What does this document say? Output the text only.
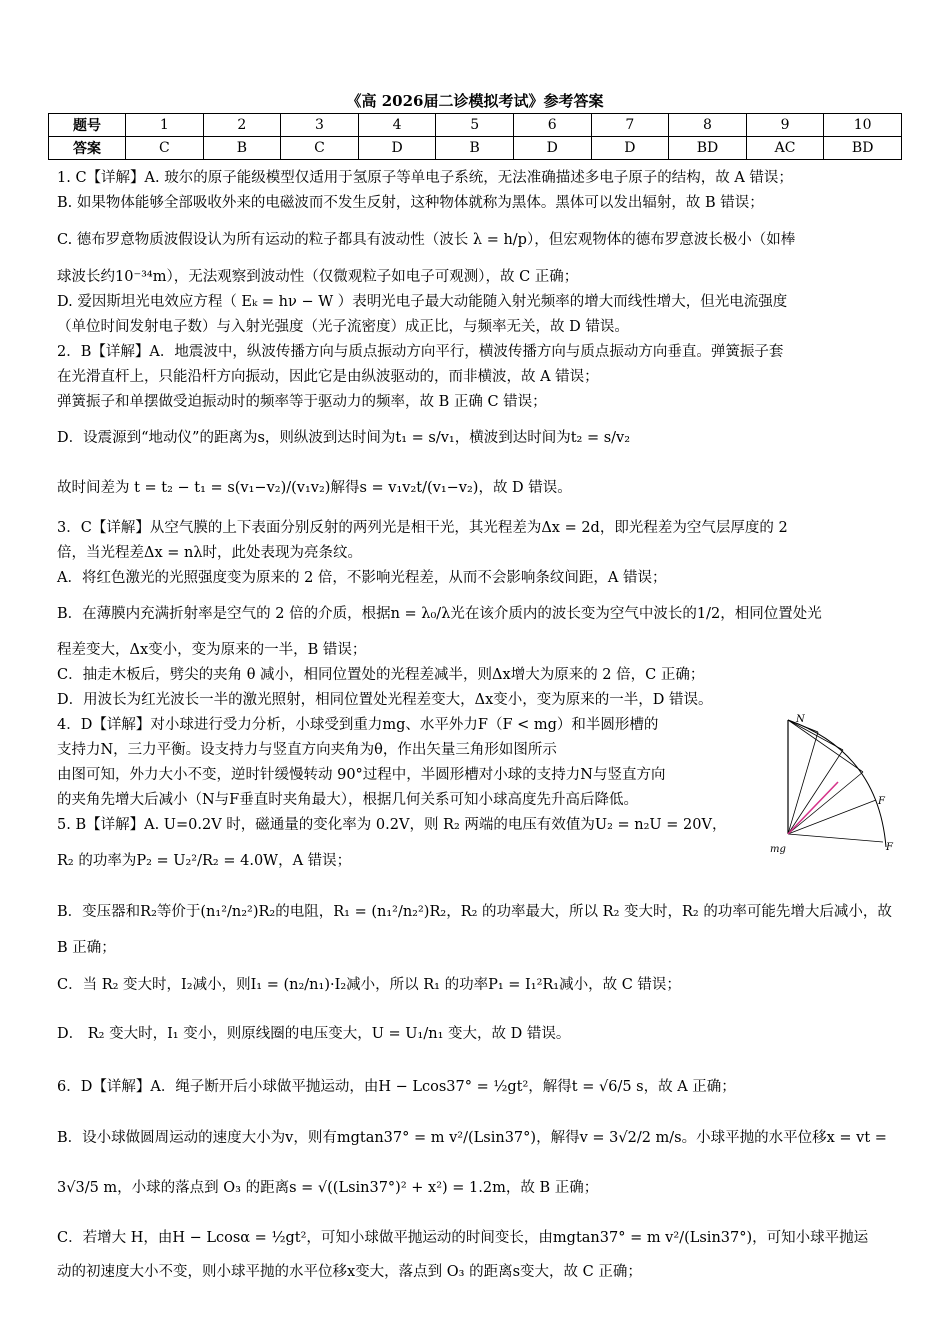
《高 2026届二诊模拟考试》参考答案
题号	1	2	3	4	5	6	7	8	9	10
答案	C	B	C	D	B	D	D	BD	AC	BD
1. C【详解】A. 玻尔的原子能级模型仅适用于氢原子等单电子系统，无法准确描述多电子原子的结构，故 A 错误；
B. 如果物体能够全部吸收外来的电磁波而不发生反射，这种物体就称为黑体。黑体可以发出辐射，故 B 错误；
C. 德布罗意物质波假设认为所有运动的粒子都具有波动性（波长 λ = h/p），但宏观物体的德布罗意波长极小（如棒
球波长约10⁻³⁴m），无法观察到波动性（仅微观粒子如电子可观测），故 C 正确；
D. 爱因斯坦光电效应方程（ Eₖ = hν − W ）表明光电子最大动能随入射光频率的增大而线性增大，但光电流强度
（单位时间发射电子数）与入射光强度（光子流密度）成正比，与频率无关，故 D 错误。
2．B【详解】A．地震波中，纵波传播方向与质点振动方向平行，横波传播方向与质点振动方向垂直。弹簧振子套
在光滑直杆上，只能沿杆方向振动，因此它是由纵波驱动的，而非横波，故 A 错误；
弹簧振子和单摆做受迫振动时的频率等于驱动力的频率，故 B 正确 C 错误；
D．设震源到“地动仪”的距离为s，则纵波到达时间为t₁ = s/v₁，横波到达时间为t₂ = s/v₂
故时间差为 t = t₂ − t₁ = s(v₁−v₂)/(v₁v₂)解得s = v₁v₂t/(v₁−v₂)，故 D 错误。
3．C【详解】从空气膜的上下表面分别反射的两列光是相干光，其光程差为Δx = 2d，即光程差为空气层厚度的 2
倍，当光程差Δx = nλ时，此处表现为亮条纹。
A．将红色激光的光照强度变为原来的 2 倍，不影响光程差，从而不会影响条纹间距，A 错误；
B．在薄膜内充满折射率是空气的 2 倍的介质，根据n = λ₀/λ光在该介质内的波长变为空气中波长的1/2，相同位置处光
程差变大，Δx变小，变为原来的一半，B 错误；
C．抽走木板后，劈尖的夹角 θ 减小，相同位置处的光程差减半，则Δx增大为原来的 2 倍，C 正确；
D．用波长为红光波长一半的激光照射，相同位置处光程差变大，Δx变小，变为原来的一半，D 错误。
4．D【详解】对小球进行受力分析，小球受到重力mg、水平外力F（F < mg）和半圆形槽的
支持力N，三力平衡。设支持力与竖直方向夹角为θ，作出矢量三角形如图所示
由图可知，外力大小不变，逆时针缓慢转动 90°过程中，半圆形槽对小球的支持力N与竖直方向
的夹角先增大后减小（N与F垂直时夹角最大），根据几何关系可知小球高度先升高后降低。
5. B【详解】A. U=0.2V 时，磁通量的变化率为 0.2V，则 R₂ 两端的电压有效值为U₂ = n₂U = 20V，
R₂ 的功率为P₂ = U₂²/R₂ = 4.0W，A 错误；
B．变压器和R₂等价于(n₁²/n₂²)R₂的电阻，R₁ = (n₁²/n₂²)R₂，R₂ 的功率最大，所以 R₂ 变大时，R₂ 的功率可能先增大后减小，故
B 正确；
C．当 R₂ 变大时，I₂减小，则I₁ = (n₂/n₁)·I₂减小，所以 R₁ 的功率P₁ = I₁²R₁减小，故 C 错误；
D． R₂ 变大时，I₁ 变小，则原线圈的电压变大，U = U₁/n₁ 变大，故 D 错误。
6．D【详解】A．绳子断开后小球做平抛运动，由H − Lcos37° = ½gt²，解得t = √6/5 s，故 A 正确；
B．设小球做圆周运动的速度大小为v，则有mgtan37° = m v²/(Lsin37°)，解得v = 3√2/2 m/s。小球平抛的水平位移x = vt =
3√3/5 m，小球的落点到 O₃ 的距离s = √((Lsin37°)² + x²) = 1.2m，故 B 正确；
C．若增大 H，由H − Lcosα = ½gt²，可知小球做平抛运动的时间变长，由mgtan37° = m v²/(Lsin37°)，可知小球平抛运
动的初速度大小不变，则小球平抛的水平位移x变大，落点到 O₃ 的距离s变大，故 C 正确；
N
F
F
mg
